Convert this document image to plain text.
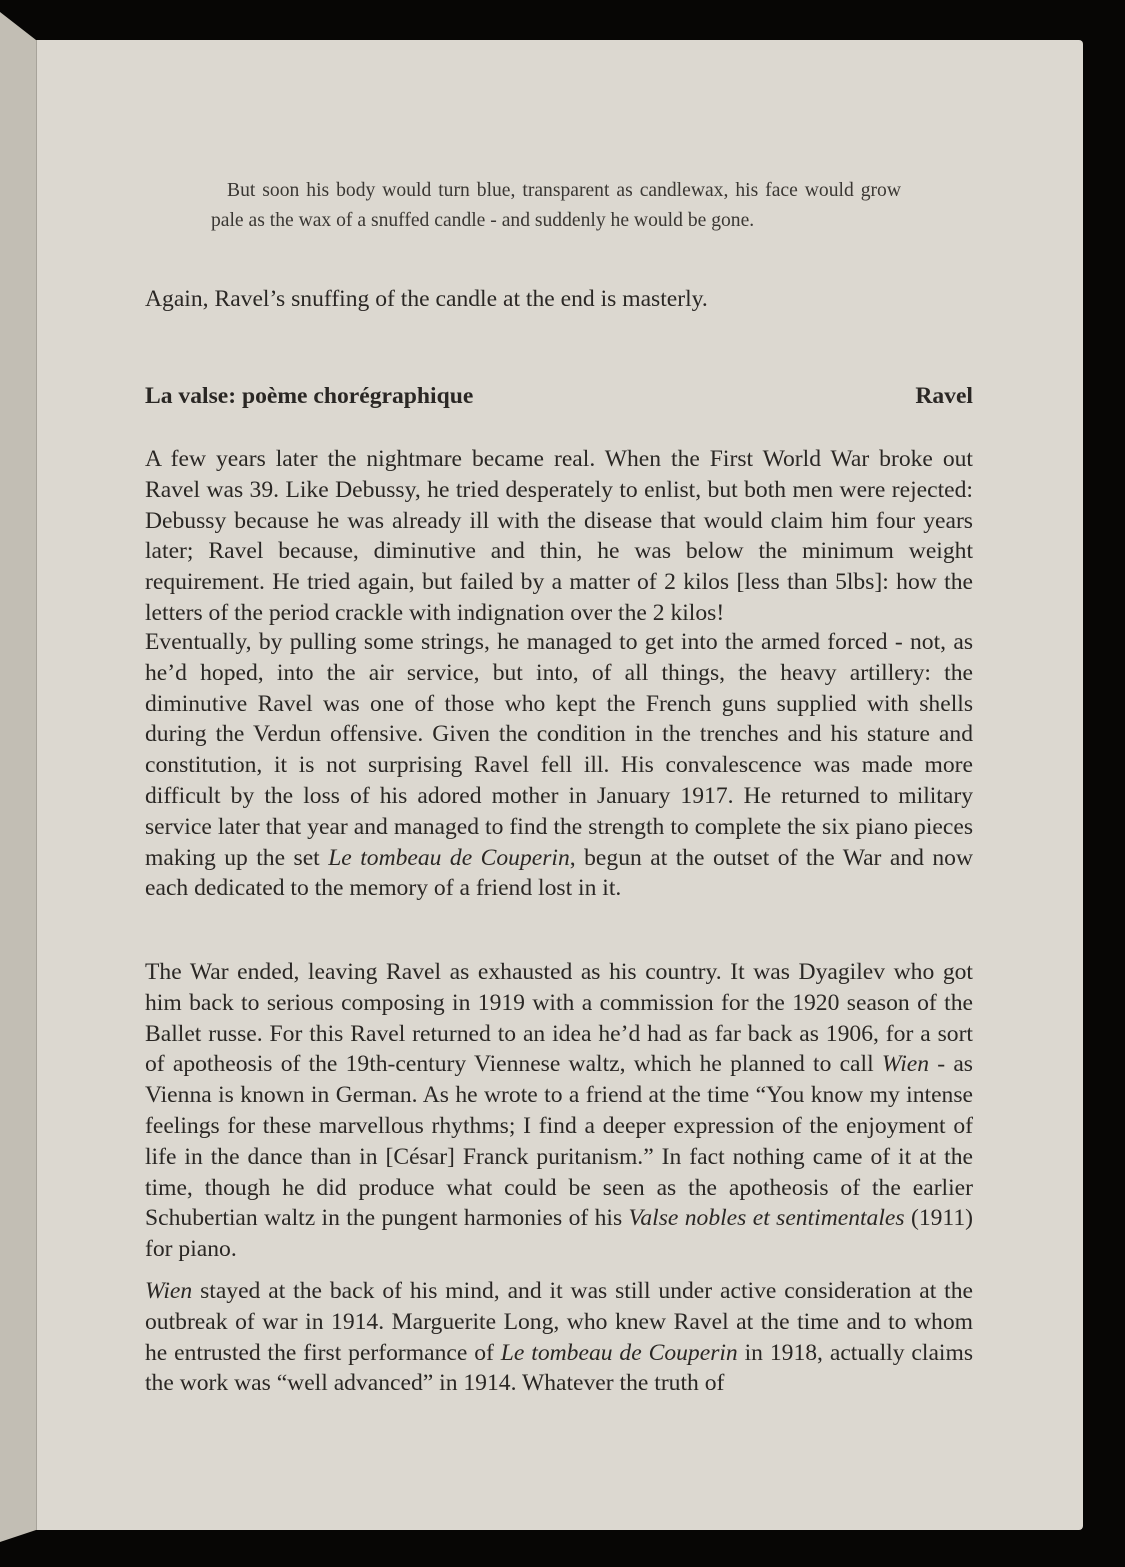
But soon his body would turn blue, transparent as candlewax, his face would grow pale as the wax of a snuffed candle - and suddenly he would be gone.
Again, Ravel’s snuffing of the candle at the end is masterly.
La valse: poème chorégraphique	Ravel
A few years later the nightmare became real. When the First World War broke out Ravel was 39. Like Debussy, he tried desperately to enlist, but both men were rejected: Debussy because he was already ill with the disease that would claim him four years later; Ravel because, diminutive and thin, he was below the minimum weight requirement. He tried again, but failed by a matter of 2 kilos [less than 5lbs]: how the letters of the period crackle with indignation over the 2 kilos!
Eventually, by pulling some strings, he managed to get into the armed forced - not, as he’d hoped, into the air service, but into, of all things, the heavy artillery: the diminutive Ravel was one of those who kept the French guns supplied with shells during the Verdun offensive. Given the condition in the trenches and his stature and constitution, it is not surprising Ravel fell ill. His convalescence was made more difficult by the loss of his adored mother in January 1917. He returned to military service later that year and managed to find the strength to complete the six piano pieces making up the set Le tombeau de Couperin, begun at the outset of the War and now each dedicated to the memory of a friend lost in it.
The War ended, leaving Ravel as exhausted as his country. It was Dyagilev who got him back to serious composing in 1919 with a commission for the 1920 season of the Ballet russe. For this Ravel returned to an idea he’d had as far back as 1906, for a sort of apotheosis of the 19th-century Viennese waltz, which he planned to call Wien - as Vienna is known in German. As he wrote to a friend at the time “You know my intense feelings for these marvellous rhythms; I find a deeper expression of the enjoyment of life in the dance than in [César] Franck puritanism.” In fact nothing came of it at the time, though he did produce what could be seen as the apotheosis of the earlier Schubertian waltz in the pungent harmonies of his Valse nobles et sentimentales (1911) for piano.
Wien stayed at the back of his mind, and it was still under active consideration at the outbreak of war in 1914. Marguerite Long, who knew Ravel at the time and to whom he entrusted the first performance of Le tombeau de Couperin in 1918, actually claims the work was “well advanced” in 1914. Whatever the truth of
